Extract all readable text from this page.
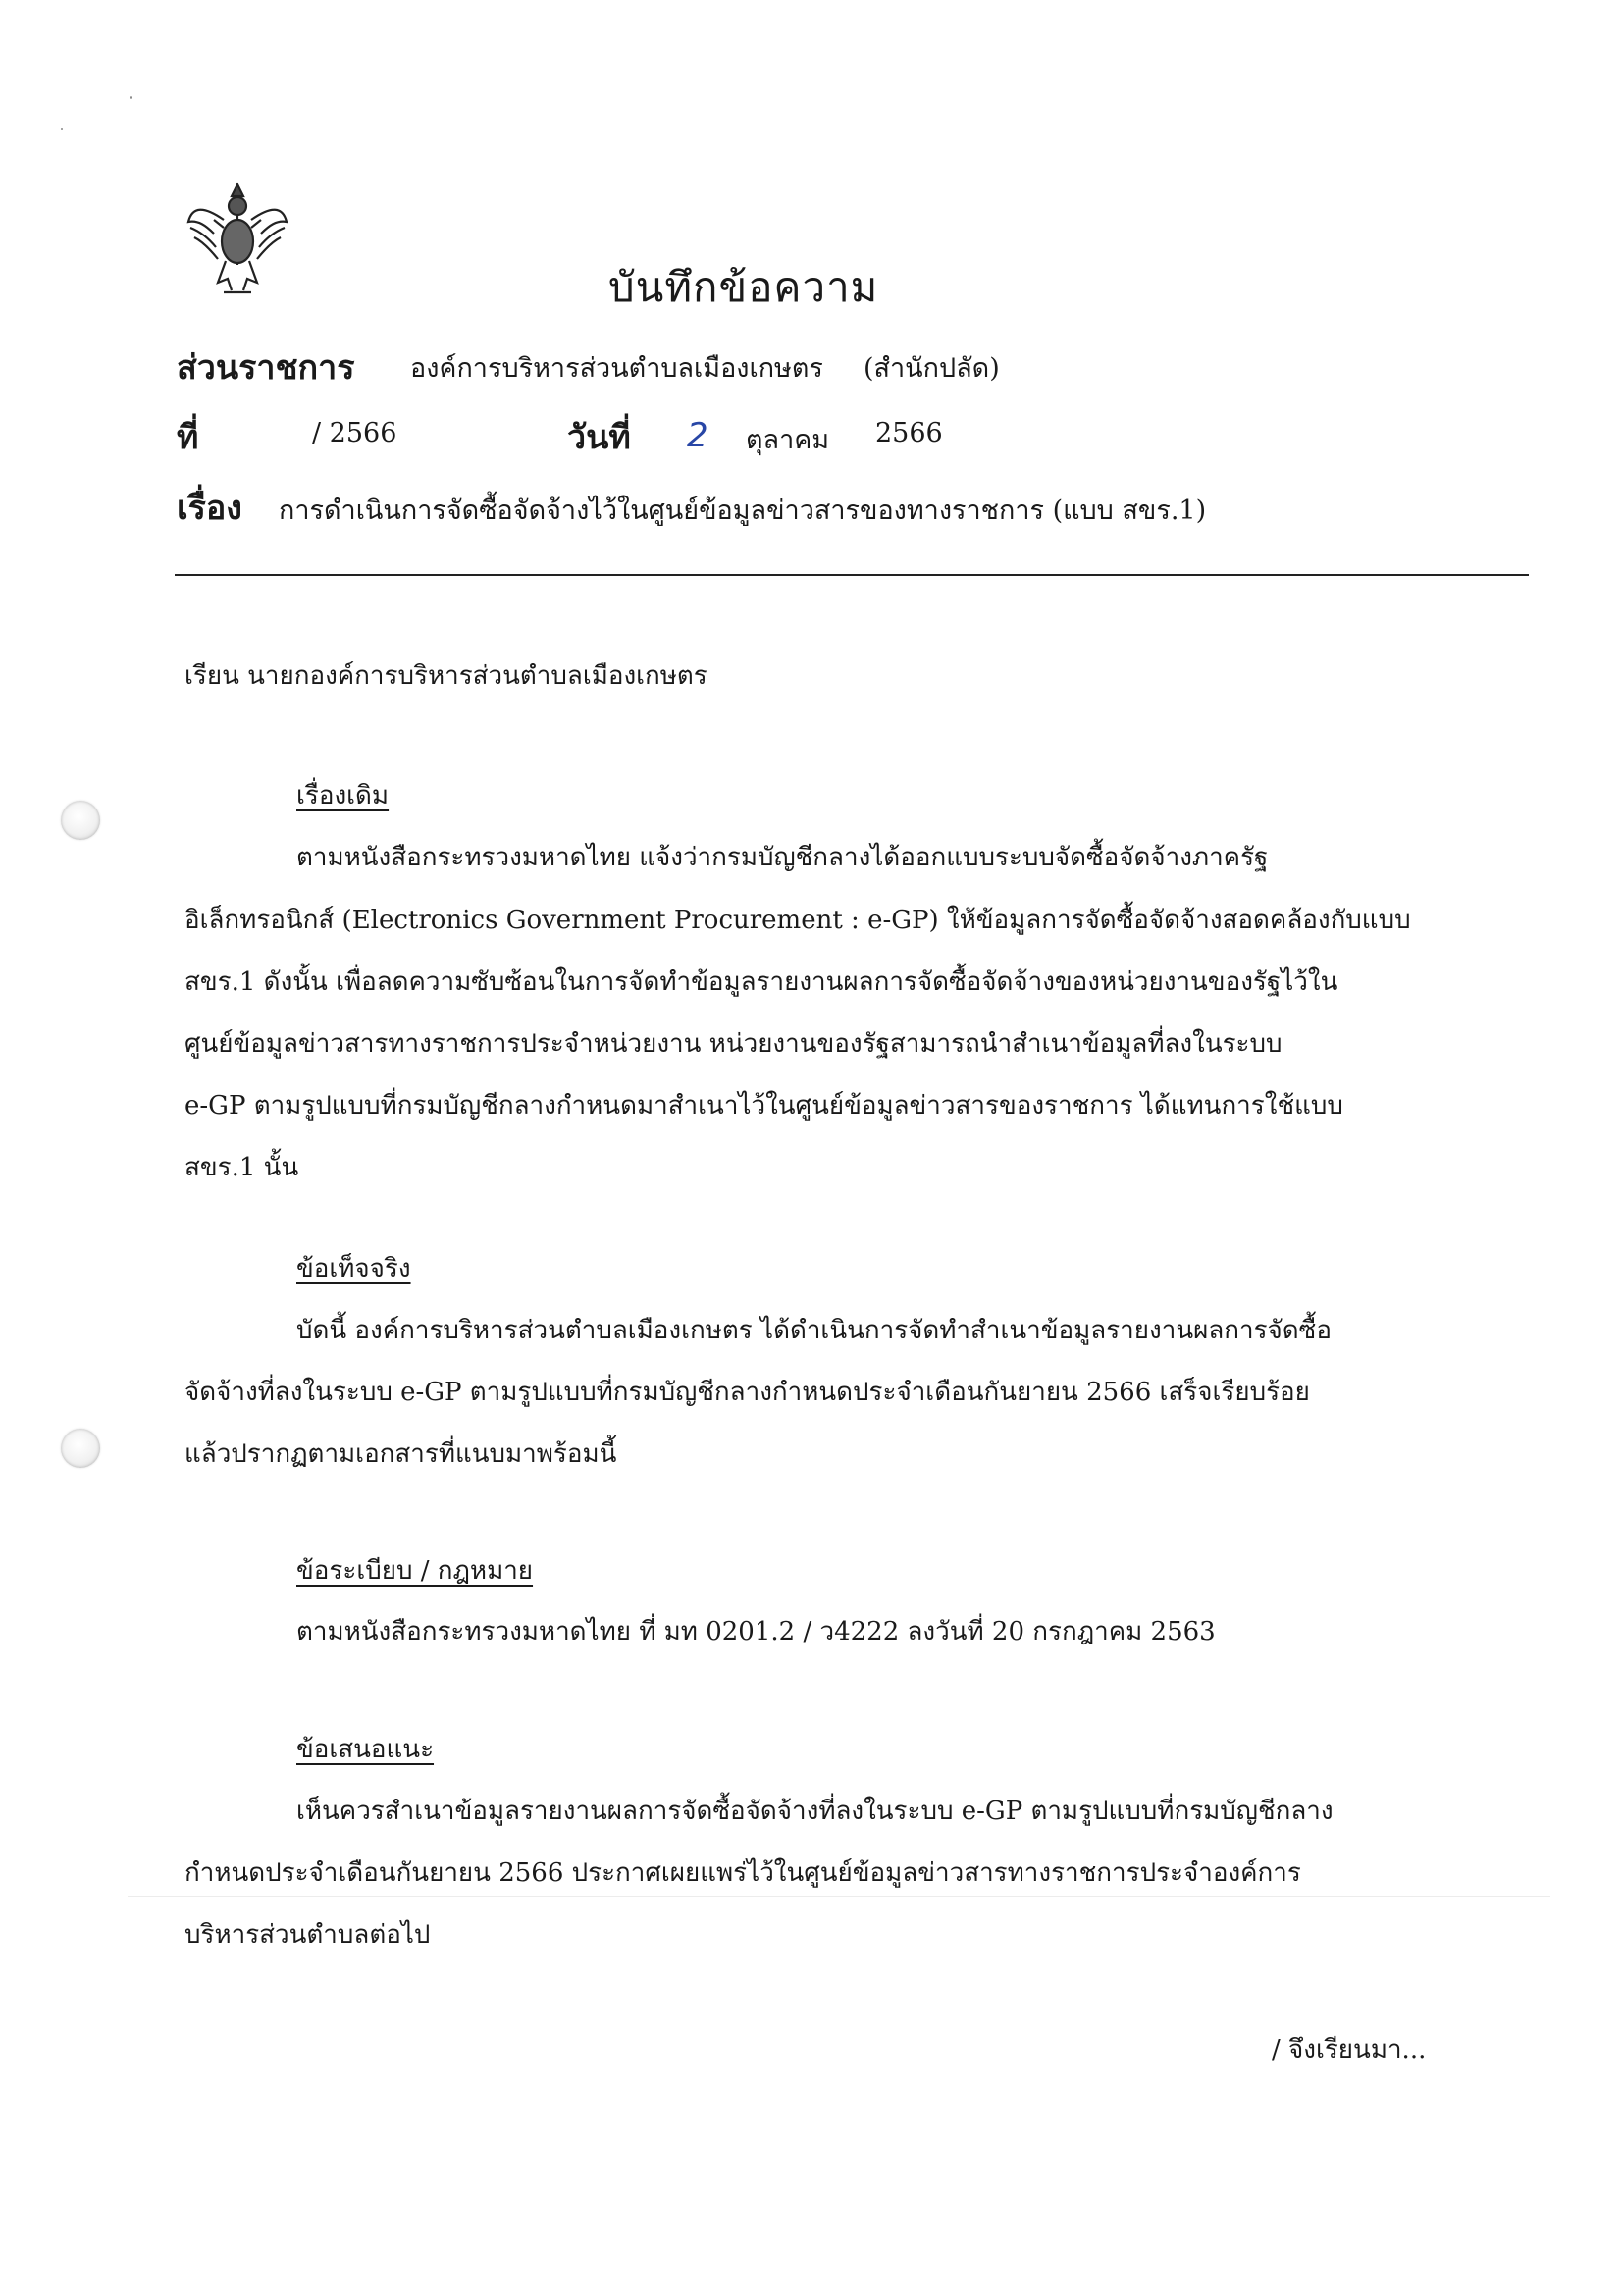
บันทึกข้อความ
ส่วนราชการ องค์การบริหารส่วนตำบลเมืองเกษตร (สำนักปลัด)
ที่	/ 2566	วันที่ 2 ตุลาคม 2566
เรื่อง การดำเนินการจัดซื้อจัดจ้างไว้ในศูนย์ข้อมูลข่าวสารของทางราชการ (แบบ สขร.1)
เรียน นายกองค์การบริหารส่วนตำบลเมืองเกษตร
เรื่องเดิม
ตามหนังสือกระทรวงมหาดไทย แจ้งว่ากรมบัญชีกลางได้ออกแบบระบบจัดซื้อจัดจ้างภาครัฐ
อิเล็กทรอนิกส์ (Electronics Government Procurement : e-GP) ให้ข้อมูลการจัดซื้อจัดจ้างสอดคล้องกับแบบ
สขร.1 ดังนั้น เพื่อลดความซับซ้อนในการจัดทำข้อมูลรายงานผลการจัดซื้อจัดจ้างของหน่วยงานของรัฐไว้ใน
ศูนย์ข้อมูลข่าวสารทางราชการประจำหน่วยงาน หน่วยงานของรัฐสามารถนำสำเนาข้อมูลที่ลงในระบบ
e-GP ตามรูปแบบที่กรมบัญชีกลางกำหนดมาสำเนาไว้ในศูนย์ข้อมูลข่าวสารของราชการ ได้แทนการใช้แบบ
สขร.1 นั้น
ข้อเท็จจริง
บัดนี้ องค์การบริหารส่วนตำบลเมืองเกษตร ได้ดำเนินการจัดทำสำเนาข้อมูลรายงานผลการจัดซื้อ
จัดจ้างที่ลงในระบบ e-GP ตามรูปแบบที่กรมบัญชีกลางกำหนดประจำเดือนกันยายน 2566 เสร็จเรียบร้อย
แล้วปรากฏตามเอกสารที่แนบมาพร้อมนี้
ข้อระเบียบ / กฎหมาย
ตามหนังสือกระทรวงมหาดไทย ที่ มท 0201.2 / ว4222 ลงวันที่ 20 กรกฎาคม 2563
ข้อเสนอแนะ
เห็นควรสำเนาข้อมูลรายงานผลการจัดซื้อจัดจ้างที่ลงในระบบ e-GP ตามรูปแบบที่กรมบัญชีกลาง
กำหนดประจำเดือนกันยายน 2566 ประกาศเผยแพร่ไว้ในศูนย์ข้อมูลข่าวสารทางราชการประจำองค์การ
บริหารส่วนตำบลต่อไป
/ จึงเรียนมา...
